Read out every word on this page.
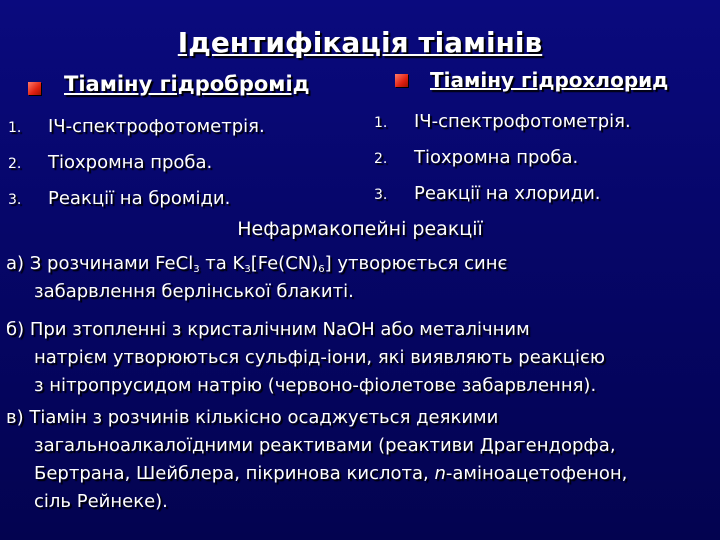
Ідентифікація тіамінів
Тіаміну гідробромід
1. ІЧ-спектрофотометрія.
2. Тіохромна проба.
3. Реакції на броміди.
Тіаміну гідрохлорид
1. ІЧ-спектрофотометрія.
2. Тіохромна проба.
3. Реакції на хлориди.
Нефармакопейні реакції
а) З розчинами FeCl$_3$ та $K_3[Fe(CN)_6]$ утворюється синє
забарвлення берлінської блакиті.
б) При зтопленні з кристалічним NaOH або металічним
натрієм утворюються сульфід-іони, які виявляють реакцією
з нітропрусидом натрію (червоно-фіолетове забарвлення).
в) Тіамін з розчинів кількісно осаджується деякими
загальноалкалоїдними реактивами (реактиви Драгендорфа,
Бертрана, Шейблера, пікринова кислота, n-аміноацетофенон,
сіль Рейнеке).
